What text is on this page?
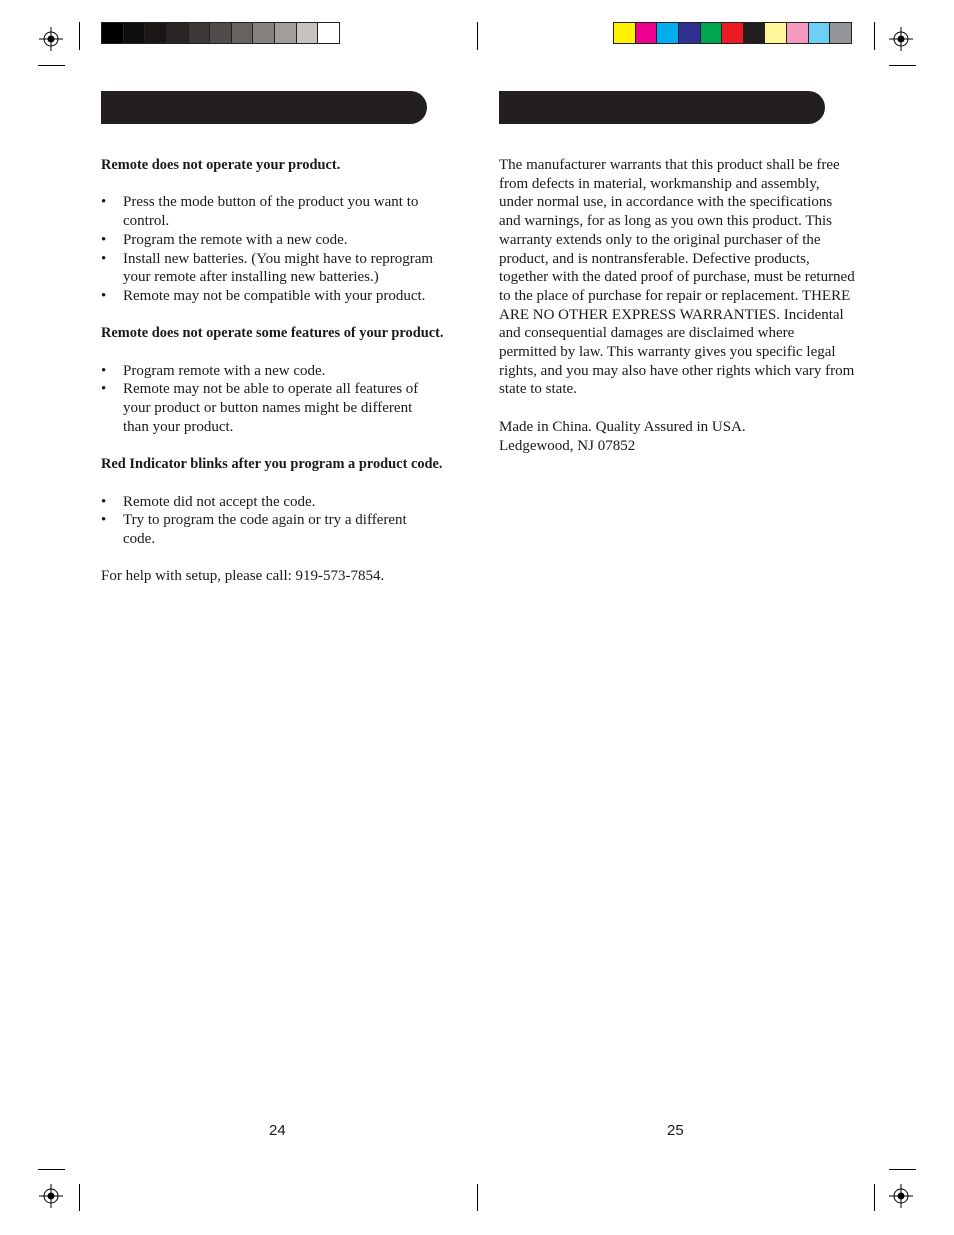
Remote does not operate your product.

• Press the mode button of the product you want to control.
• Program the remote with a new code.
• Install new batteries. (You might have to reprogram your remote after installing new batteries.)
• Remote may not be compatible with your product.

Remote does not operate some features of your product.

• Program remote with a new code.
• Remote may not be able to operate all features of your product or button names might be different than your product.

Red Indicator blinks after you program a product code.

• Remote did not accept the code.
• Try to program the code again or try a different code.

For help with setup, please call: 919-573-7854.

The manufacturer warrants that this product shall be free from defects in material, workmanship and assembly, under normal use, in accordance with the specifications and warnings, for as long as you own this product. This warranty extends only to the original purchaser of the product, and is nontransferable. Defective products, together with the dated proof of purchase, must be returned to the place of purchase for repair or replacement. THERE ARE NO OTHER EXPRESS WARRANTIES. Incidental and consequential damages are disclaimed where permitted by law. This warranty gives you specific legal rights, and you may also have other rights which vary from state to state.

Made in China. Quality Assured in USA.

Ledgewood, NJ 07852

24	25
